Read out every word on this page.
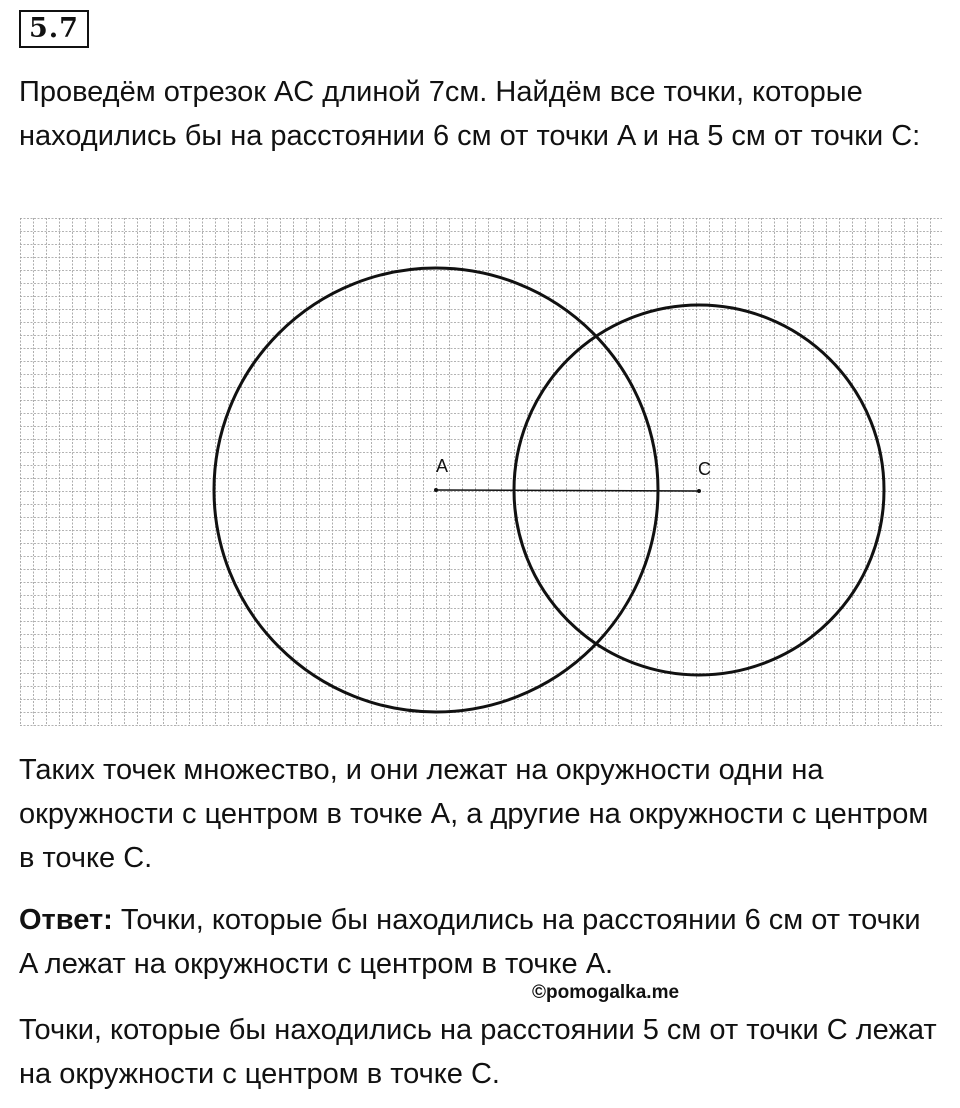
5.7

Проведём отрезок AC длиной 7см. Найдём все точки, которые находились бы на расстоянии 6 см от точки A и на 5 см от точки C:

A	C

Таких точек множество, и они лежат на окружности одни на окружности с центром в точке A, а другие на окружности с центром в точке C.

Ответ: Точки, которые бы находились на расстоянии 6 см от точки A лежат на окружности с центром в точке A.

©pomogalka.me

Точки, которые бы находились на расстоянии 5 см от точки C лежат на окружности с центром в точке C.
